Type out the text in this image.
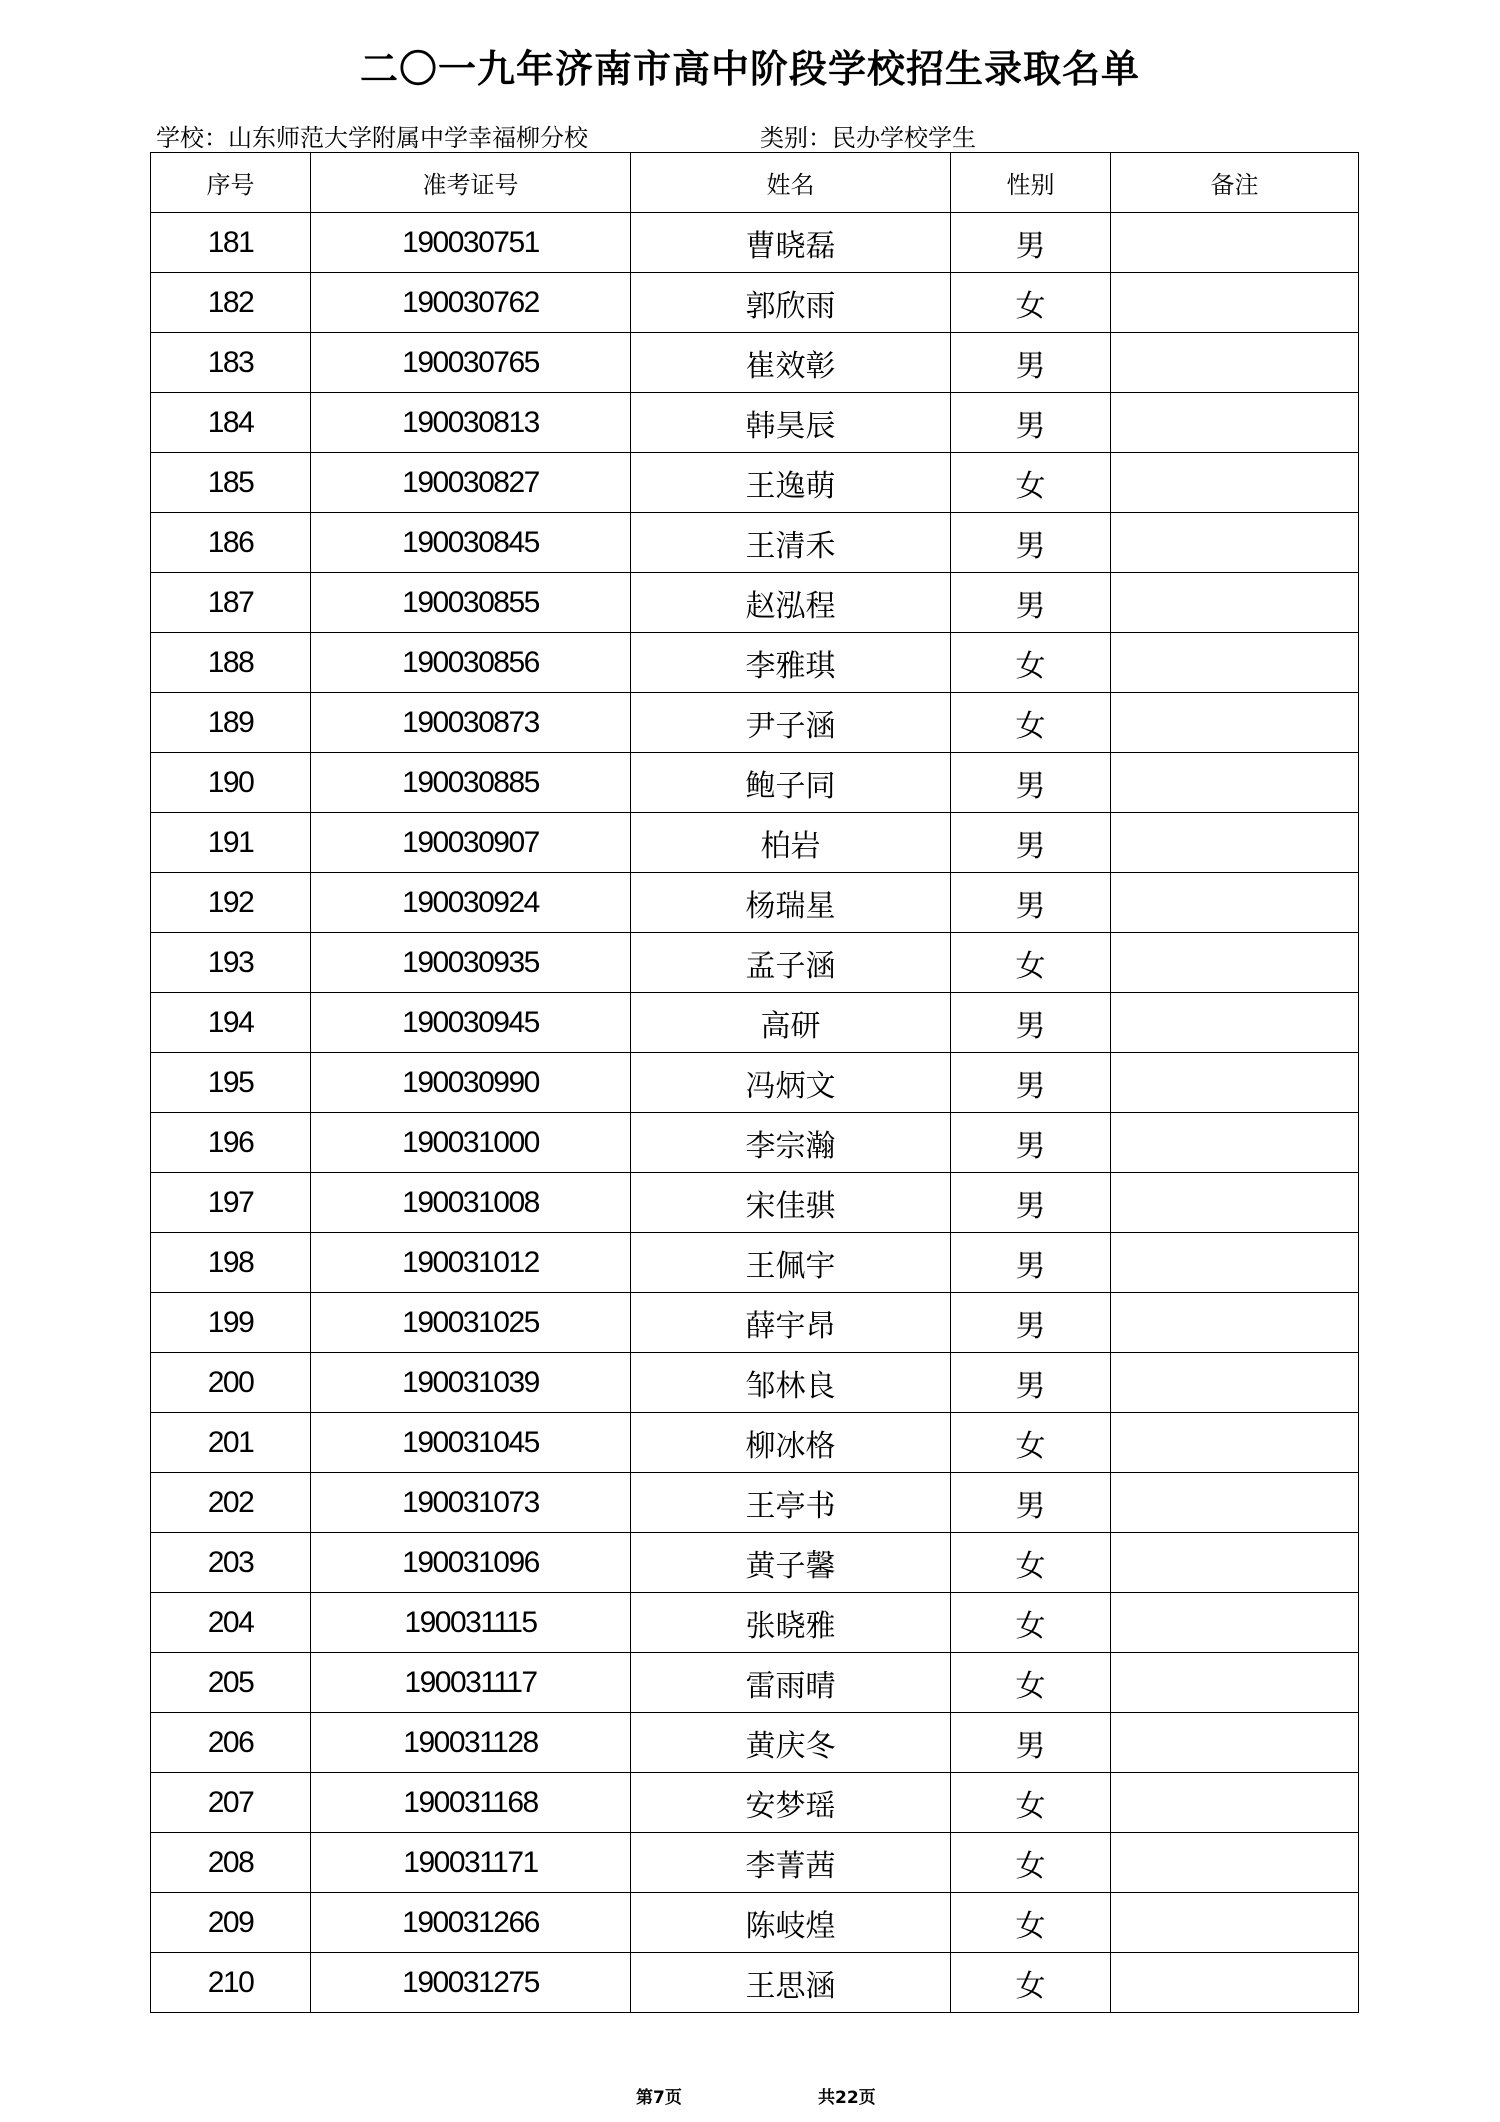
二〇一九年济南市高中阶段学校招生录取名单
学校：山东师范大学附属中学幸福柳分校	类别：民办学校学生
序号	准考证号	姓名	性别	备注
181	190030751	曹晓磊	男	
182	190030762	郭欣雨	女	
183	190030765	崔效彰	男	
184	190030813	韩昊辰	男	
185	190030827	王逸萌	女	
186	190030845	王清禾	男	
187	190030855	赵泓程	男	
188	190030856	李雅琪	女	
189	190030873	尹子涵	女	
190	190030885	鲍子同	男	
191	190030907	柏岩	男	
192	190030924	杨瑞星	男	
193	190030935	孟子涵	女	
194	190030945	高研	男	
195	190030990	冯炳文	男	
196	190031000	李宗瀚	男	
197	190031008	宋佳骐	男	
198	190031012	王佩宇	男	
199	190031025	薛宇昂	男	
200	190031039	邹林良	男	
201	190031045	柳冰格	女	
202	190031073	王亭书	男	
203	190031096	黄子馨	女	
204	190031115	张晓雅	女	
205	190031117	雷雨晴	女	
206	190031128	黄庆冬	男	
207	190031168	安梦瑶	女	
208	190031171	李菁茜	女	
209	190031266	陈岐煌	女	
210	190031275	王思涵	女	
第7页	共22页
